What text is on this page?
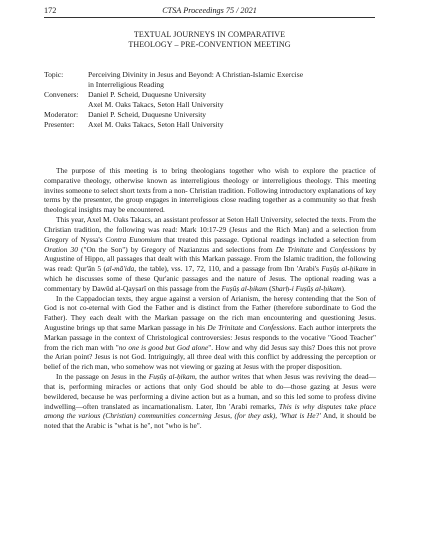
172	CTSA Proceedings 75 / 2021
TEXTUAL JOURNEYS IN COMPARATIVE
THEOLOGY – PRE-CONVENTION MEETING
Topic:	Perceiving Divinity in Jesus and Beyond: A Christian-Islamic Exercise
in Interreligious Reading
Conveners:	Daniel P. Scheid, Duquesne University
Axel M. Oaks Takacs, Seton Hall University
Moderator:	Daniel P. Scheid, Duquesne University
Presenter:	Axel M. Oaks Takacs, Seton Hall University

The purpose of this meeting is to bring theologians together who wish to explore the practice of comparative theology, otherwise known as interreligious theology or interreligious theology. This meeting invites someone to select short texts from a non- Christian tradition. Following introductory explanations of key terms by the presenter, the group engages in interreligious close reading together as a community so that fresh theological insights may be encountered.

This year, Axel M. Oaks Takacs, an assistant professor at Seton Hall University, selected the texts. From the Christian tradition, the following was read: Mark 10:17-29 (Jesus and the Rich Man) and a selection from Gregory of Nyssa's Contra Eunomium that treated this passage. Optional readings included a selection from Oration 30 ("On the Son") by Gregory of Nazianzus and selections from De Trinitate and Confessions by Augustine of Hippo, all passages that dealt with this Markan passage. From the Islamic tradition, the following was read: Qur'ān 5 (al-mā'ida, the table), vss. 17, 72, 110, and a passage from Ibn 'Arabi's Fuṣūṣ al-ḥikam in which he discusses some of these Qur'anic passages and the nature of Jesus. The optional reading was a commentary by Dawūd al-Qayṣarī on this passage from the Fuṣūṣ al-ḥikam (Sharḥ-i Fuṣūṣ al-ḥikam).

In the Cappadocian texts, they argue against a version of Arianism, the heresy contending that the Son of God is not co-eternal with God the Father and is distinct from the Father (therefore subordinate to God the Father). They each dealt with the Markan passage on the rich man encountering and questioning Jesus. Augustine brings up that same Markan passage in his De Trinitate and Confessions. Each author interprets the Markan passage in the context of Christological controversies: Jesus responds to the vocative "Good Teacher" from the rich man with "no one is good but God alone". How and why did Jesus say this? Does this not prove the Arian point? Jesus is not God. Intriguingly, all three deal with this conflict by addressing the perception or belief of the rich man, who somehow was not viewing or gazing at Jesus with the proper disposition.

In the passage on Jesus in the Fuṣūṣ al-ḥikam, the author writes that when Jesus was reviving the dead—that is, performing miracles or actions that only God should be able to do—those gazing at Jesus were bewildered, because he was performing a divine action but as a human, and so this led some to profess divine indwelling—often translated as incarnationalism. Later, Ibn 'Arabi remarks, This is why disputes take place among the various (Christian) communities concerning Jesus, (for they ask), 'What is He?' And, it should be noted that the Arabic is "what is he", not "who is he".
